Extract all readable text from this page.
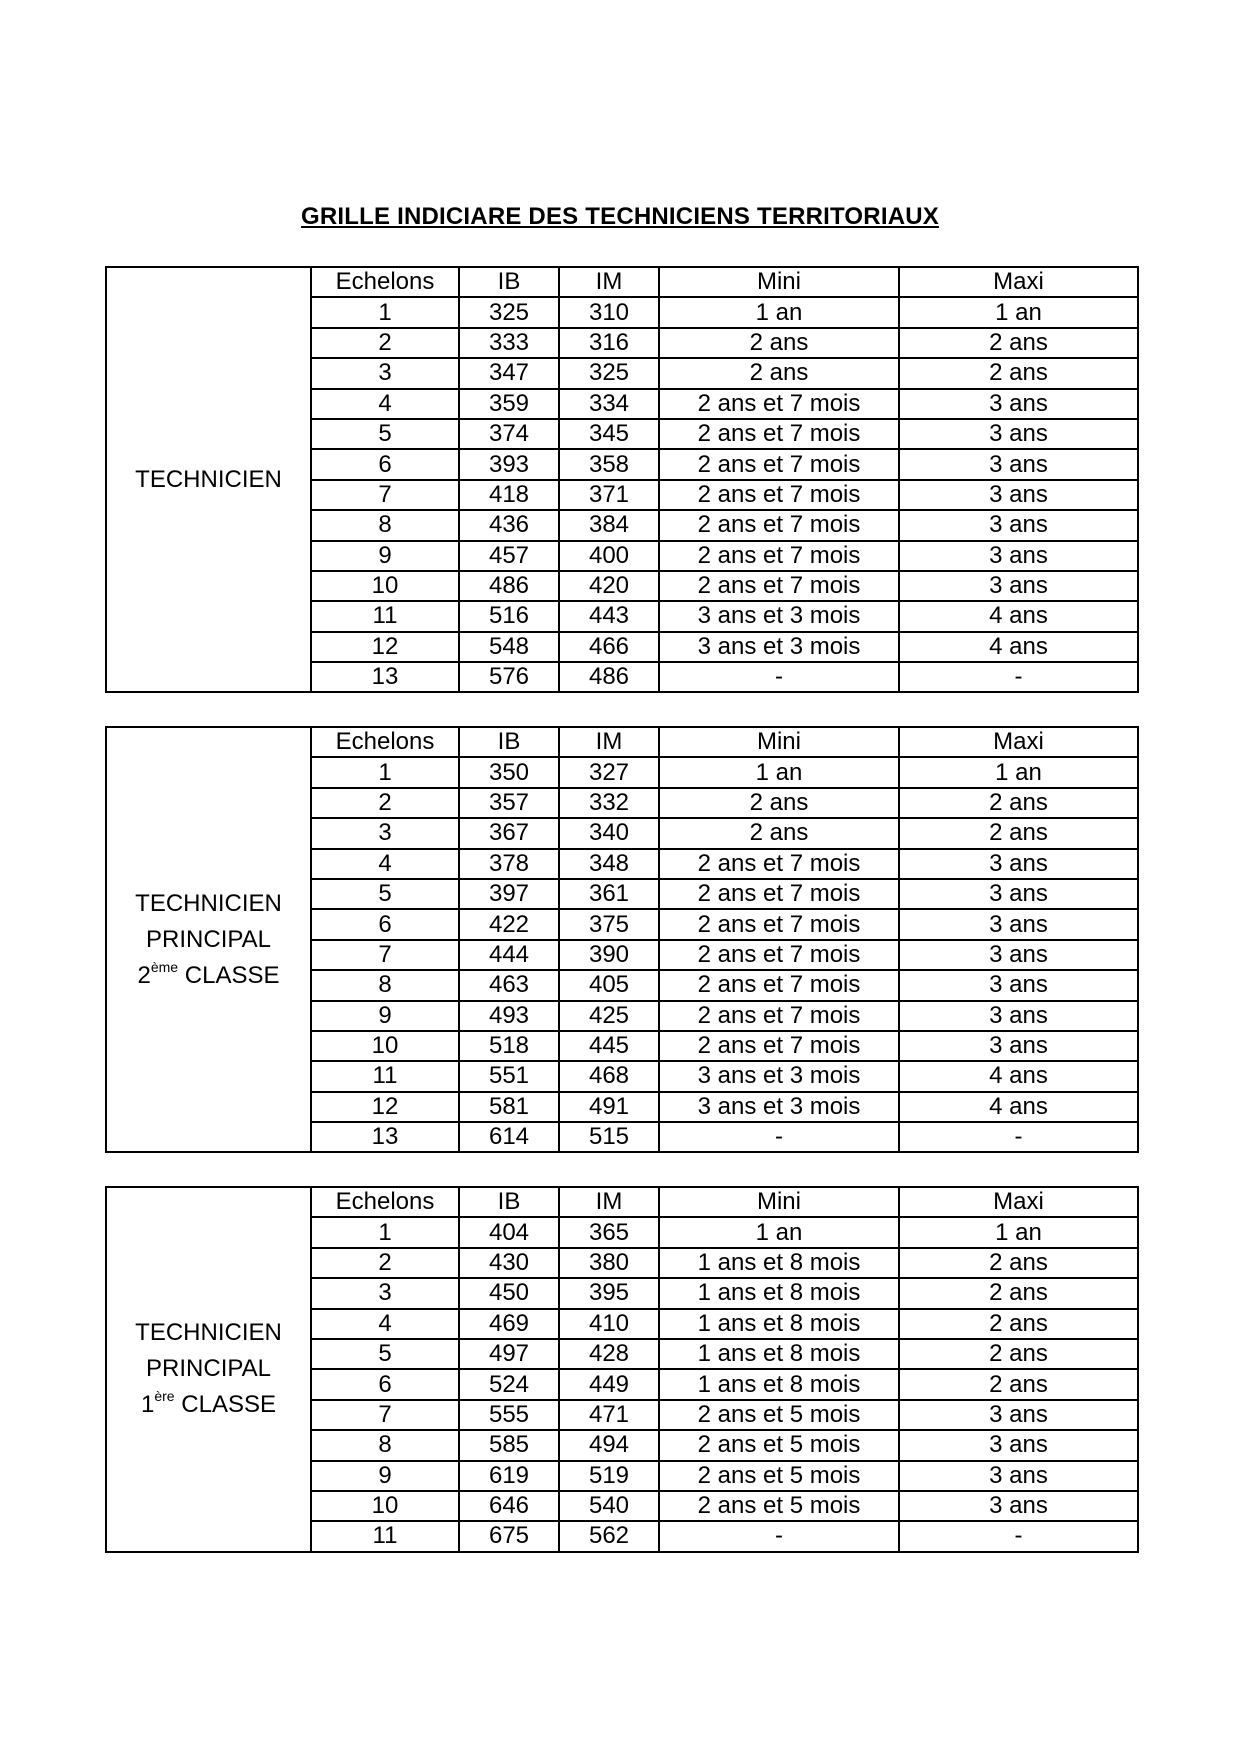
GRILLE INDICIARE DES TECHNICIENS TERRITORIAUX
TECHNICIEN	Echelons	IB	IM	Mini	Maxi
	1	325	310	1 an	1 an
	2	333	316	2 ans	2 ans
	3	347	325	2 ans	2 ans
	4	359	334	2 ans et 7 mois	3 ans
	5	374	345	2 ans et 7 mois	3 ans
	6	393	358	2 ans et 7 mois	3 ans
	7	418	371	2 ans et 7 mois	3 ans
	8	436	384	2 ans et 7 mois	3 ans
	9	457	400	2 ans et 7 mois	3 ans
	10	486	420	2 ans et 7 mois	3 ans
	11	516	443	3 ans et 3 mois	4 ans
	12	548	466	3 ans et 3 mois	4 ans
	13	576	486	-	-
TECHNICIEN
PRINCIPAL
2ème CLASSE	Echelons	IB	IM	Mini	Maxi
	1	350	327	1 an	1 an
	2	357	332	2 ans	2 ans
	3	367	340	2 ans	2 ans
	4	378	348	2 ans et 7 mois	3 ans
	5	397	361	2 ans et 7 mois	3 ans
	6	422	375	2 ans et 7 mois	3 ans
	7	444	390	2 ans et 7 mois	3 ans
	8	463	405	2 ans et 7 mois	3 ans
	9	493	425	2 ans et 7 mois	3 ans
	10	518	445	2 ans et 7 mois	3 ans
	11	551	468	3 ans et 3 mois	4 ans
	12	581	491	3 ans et 3 mois	4 ans
	13	614	515	-	-
TECHNICIEN
PRINCIPAL
1ère CLASSE	Echelons	IB	IM	Mini	Maxi
	1	404	365	1 an	1 an
	2	430	380	1 ans et 8 mois	2 ans
	3	450	395	1 ans et 8 mois	2 ans
	4	469	410	1 ans et 8 mois	2 ans
	5	497	428	1 ans et 8 mois	2 ans
	6	524	449	1 ans et 8 mois	2 ans
	7	555	471	2 ans et 5 mois	3 ans
	8	585	494	2 ans et 5 mois	3 ans
	9	619	519	2 ans et 5 mois	3 ans
	10	646	540	2 ans et 5 mois	3 ans
	11	675	562	-	-
